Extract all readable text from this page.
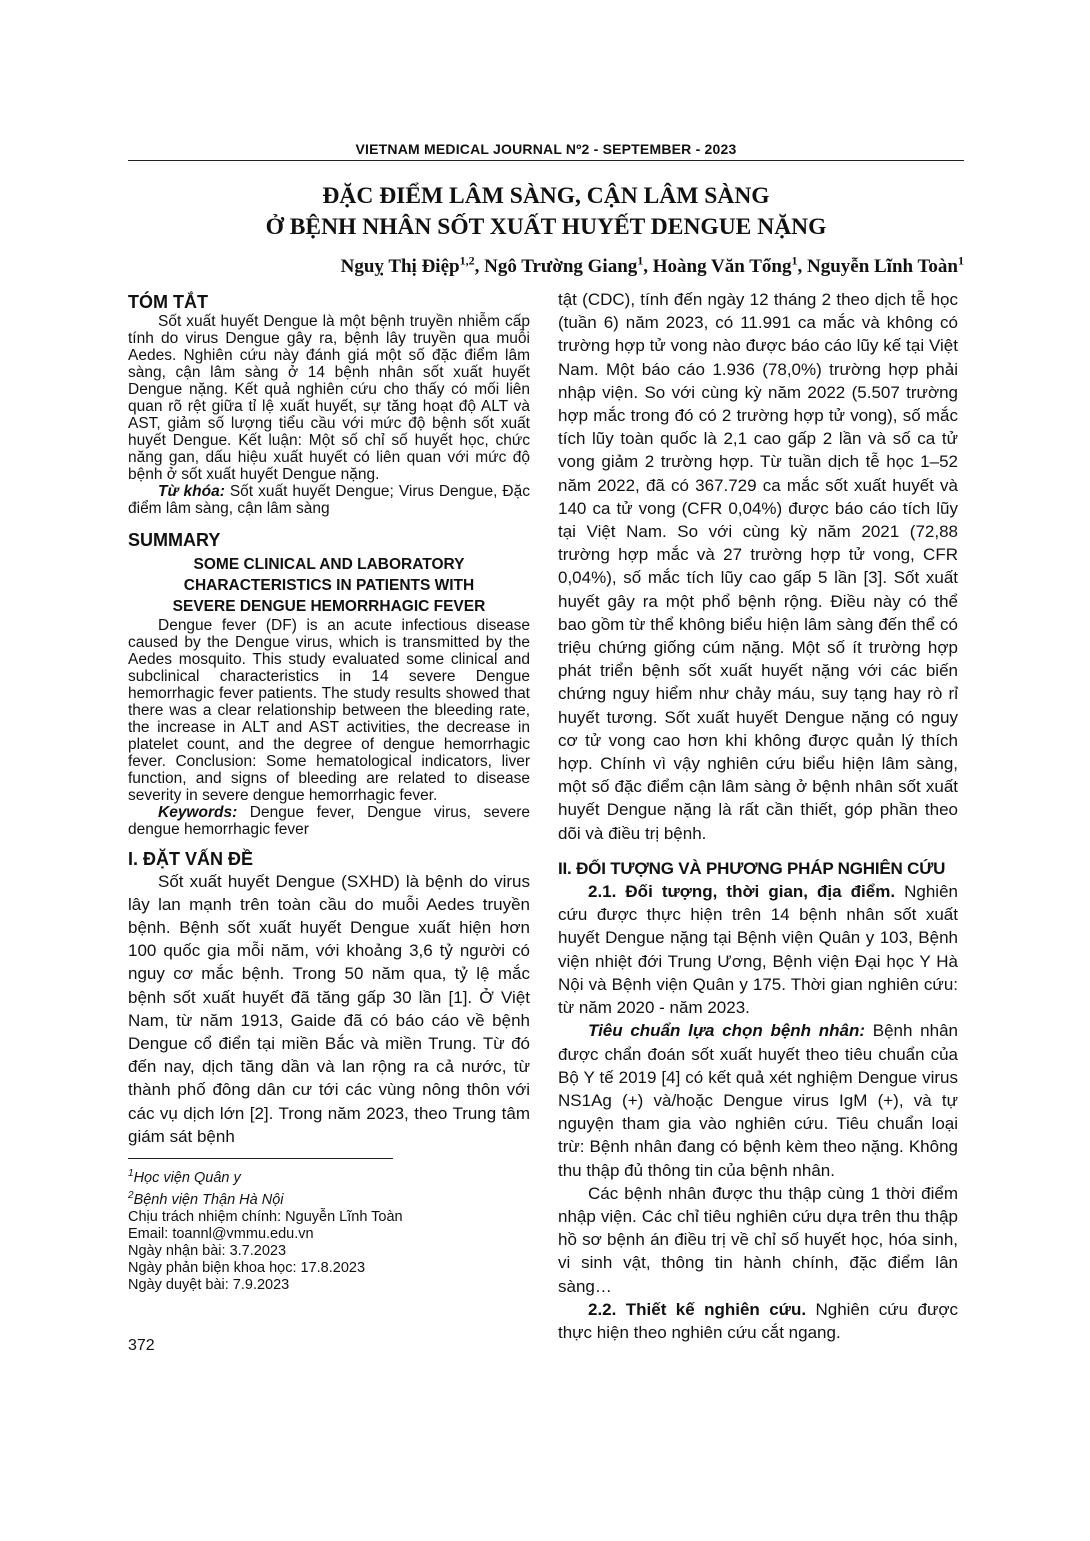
VIETNAM MEDICAL JOURNAL Nº2 - SEPTEMBER - 2023
ĐẶC ĐIỂM LÂM SÀNG, CẬN LÂM SÀNG
Ở BỆNH NHÂN SỐT XUẤT HUYẾT DENGUE NẶNG
Nguỵ Thị Điệp$^{1,2}$, Ngô Trường Giang$^1$, Hoàng Văn Tổng$^1$, Nguyễn Lĩnh Toàn$^1$

TÓM TẮT

Sốt xuất huyết Dengue là một bệnh truyền nhiễm cấp tính do virus Dengue gây ra, bệnh lây truyền qua muỗi Aedes. Nghiên cứu này đánh giá một số đặc điểm lâm sàng, cận lâm sàng ở 14 bệnh nhân sốt xuất huyết Dengue nặng. Kết quả nghiên cứu cho thấy có mối liên quan rõ rệt giữa tỉ lệ xuất huyết, sự tăng hoạt độ ALT và AST, giảm số lượng tiểu cầu với mức độ bệnh sốt xuất huyết Dengue. Kết luận: Một số chỉ số huyết học, chức năng gan, dấu hiệu xuất huyết có liên quan với mức độ bệnh ở sốt xuất huyết Dengue nặng.

Từ khóa: Sốt xuất huyết Dengue; Virus Dengue, Đặc điểm lâm sàng, cận lâm sàng

SUMMARY

SOME CLINICAL AND LABORATORY
CHARACTERISTICS IN PATIENTS WITH
SEVERE DENGUE HEMORRHAGIC FEVER

Dengue fever (DF) is an acute infectious disease caused by the Dengue virus, which is transmitted by the Aedes mosquito. This study evaluated some clinical and subclinical characteristics in 14 severe Dengue hemorrhagic fever patients. The study results showed that there was a clear relationship between the bleeding rate, the increase in ALT and AST activities, the decrease in platelet count, and the degree of dengue hemorrhagic fever. Conclusion: Some hematological indicators, liver function, and signs of bleeding are related to disease severity in severe dengue hemorrhagic fever.

Keywords: Dengue fever, Dengue virus, severe dengue hemorrhagic fever

I. ĐẶT VẤN ĐỀ

Sốt xuất huyết Dengue (SXHD) là bệnh do virus lây lan mạnh trên toàn cầu do muỗi Aedes truyền bệnh. Bệnh sốt xuất huyết Dengue xuất hiện hơn 100 quốc gia mỗi năm, với khoảng 3,6 tỷ người có nguy cơ mắc bệnh. Trong 50 năm qua, tỷ lệ mắc bệnh sốt xuất huyết đã tăng gấp 30 lần [1]. Ở Việt Nam, từ năm 1913, Gaide đã có báo cáo về bệnh Dengue cổ điển tại miền Bắc và miền Trung. Từ đó đến nay, dịch tăng dần và lan rộng ra cả nước, từ thành phố đông dân cư tới các vùng nông thôn với các vụ dịch lớn [2]. Trong năm 2023, theo Trung tâm giám sát bệnh

$^1$Học viện Quân y

$^2$Bệnh viện Thận Hà Nội

Chịu trách nhiệm chính: Nguyễn Lĩnh Toàn

Email: toannl@vmmu.edu.vn

Ngày nhận bài: 3.7.2023

Ngày phản biện khoa học: 17.8.2023

Ngày duyệt bài: 7.9.2023

372

tật (CDC), tính đến ngày 12 tháng 2 theo dịch tễ học (tuần 6) năm 2023, có 11.991 ca mắc và không có trường hợp tử vong nào được báo cáo lũy kế tại Việt Nam. Một báo cáo 1.936 (78,0%) trường hợp phải nhập viện. So với cùng kỳ năm 2022 (5.507 trường hợp mắc trong đó có 2 trường hợp tử vong), số mắc tích lũy toàn quốc là 2,1 cao gấp 2 lần và số ca tử vong giảm 2 trường hợp. Từ tuần dịch tễ học 1–52 năm 2022, đã có 367.729 ca mắc sốt xuất huyết và 140 ca tử vong (CFR 0,04%) được báo cáo tích lũy tại Việt Nam. So với cùng kỳ năm 2021 (72,88 trường hợp mắc và 27 trường hợp tử vong, CFR 0,04%), số mắc tích lũy cao gấp 5 lần [3]. Sốt xuất huyết gây ra một phổ bệnh rộng. Điều này có thể bao gồm từ thể không biểu hiện lâm sàng đến thể có triệu chứng giống cúm nặng. Một số ít trường hợp phát triển bệnh sốt xuất huyết nặng với các biến chứng nguy hiểm như chảy máu, suy tạng hay rò rỉ huyết tương. Sốt xuất huyết Dengue nặng có nguy cơ tử vong cao hơn khi không được quản lý thích hợp. Chính vì vậy nghiên cứu biểu hiện lâm sàng, một số đặc điểm cận lâm sàng ở bệnh nhân sốt xuất huyết Dengue nặng là rất cần thiết, góp phần theo dõi và điều trị bệnh.

II. ĐỐI TƯỢNG VÀ PHƯƠNG PHÁP NGHIÊN CỨU

2.1. Đối tượng, thời gian, địa điểm. Nghiên cứu được thực hiện trên 14 bệnh nhân sốt xuất huyết Dengue nặng tại Bệnh viện Quân y 103, Bệnh viện nhiệt đới Trung Ương, Bệnh viện Đại học Y Hà Nội và Bệnh viện Quân y 175. Thời gian nghiên cứu: từ năm 2020 - năm 2023.

Tiêu chuẩn lựa chọn bệnh nhân: Bệnh nhân được chẩn đoán sốt xuất huyết theo tiêu chuẩn của Bộ Y tế 2019 [4] có kết quả xét nghiệm Dengue virus NS1Ag (+) và/hoặc Dengue virus IgM (+), và tự nguyện tham gia vào nghiên cứu. Tiêu chuẩn loại trừ: Bệnh nhân đang có bệnh kèm theo nặng. Không thu thập đủ thông tin của bệnh nhân.

Các bệnh nhân được thu thập cùng 1 thời điểm nhập viện. Các chỉ tiêu nghiên cứu dựa trên thu thập hồ sơ bệnh án điều trị về chỉ số huyết học, hóa sinh, vi sinh vật, thông tin hành chính, đặc điểm lân sàng…

2.2. Thiết kế nghiên cứu. Nghiên cứu được thực hiện theo nghiên cứu cắt ngang.
